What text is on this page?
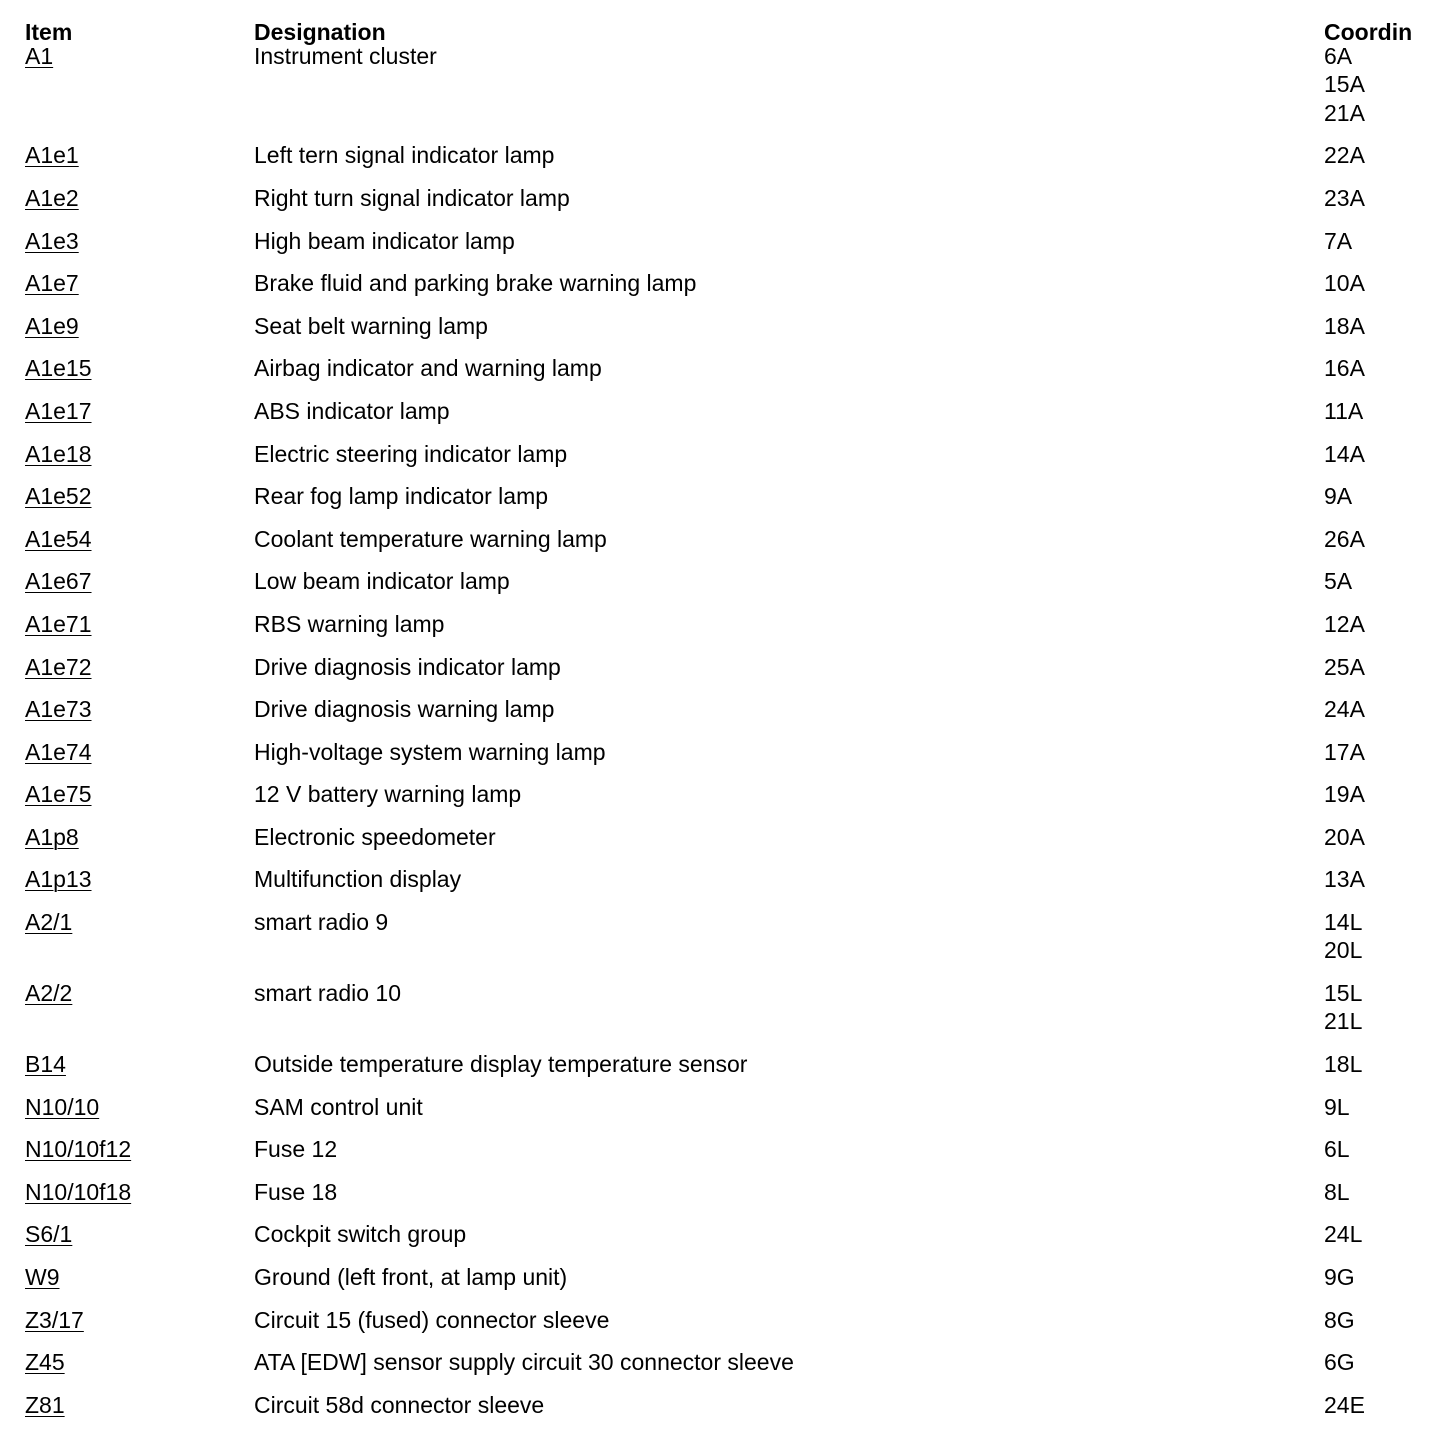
Item	Designation	Coordin
A1	Instrument cluster	6A
15A
21A
A1e1	Left tern signal indicator lamp	22A
A1e2	Right turn signal indicator lamp	23A
A1e3	High beam indicator lamp	7A
A1e7	Brake fluid and parking brake warning lamp	10A
A1e9	Seat belt warning lamp	18A
A1e15	Airbag indicator and warning lamp	16A
A1e17	ABS indicator lamp	11A
A1e18	Electric steering indicator lamp	14A
A1e52	Rear fog lamp indicator lamp	9A
A1e54	Coolant temperature warning lamp	26A
A1e67	Low beam indicator lamp	5A
A1e71	RBS warning lamp	12A
A1e72	Drive diagnosis indicator lamp	25A
A1e73	Drive diagnosis warning lamp	24A
A1e74	High-voltage system warning lamp	17A
A1e75	12 V battery warning lamp	19A
A1p8	Electronic speedometer	20A
A1p13	Multifunction display	13A
A2/1	smart radio 9	14L
20L
A2/2	smart radio 10	15L
21L
B14	Outside temperature display temperature sensor	18L
N10/10	SAM control unit	9L
N10/10f12	Fuse 12	6L
N10/10f18	Fuse 18	8L
S6/1	Cockpit switch group	24L
W9	Ground (left front, at lamp unit)	9G
Z3/17	Circuit 15 (fused) connector sleeve	8G
Z45	ATA [EDW] sensor supply circuit 30 connector sleeve	6G
Z81	Circuit 58d connector sleeve	24E
